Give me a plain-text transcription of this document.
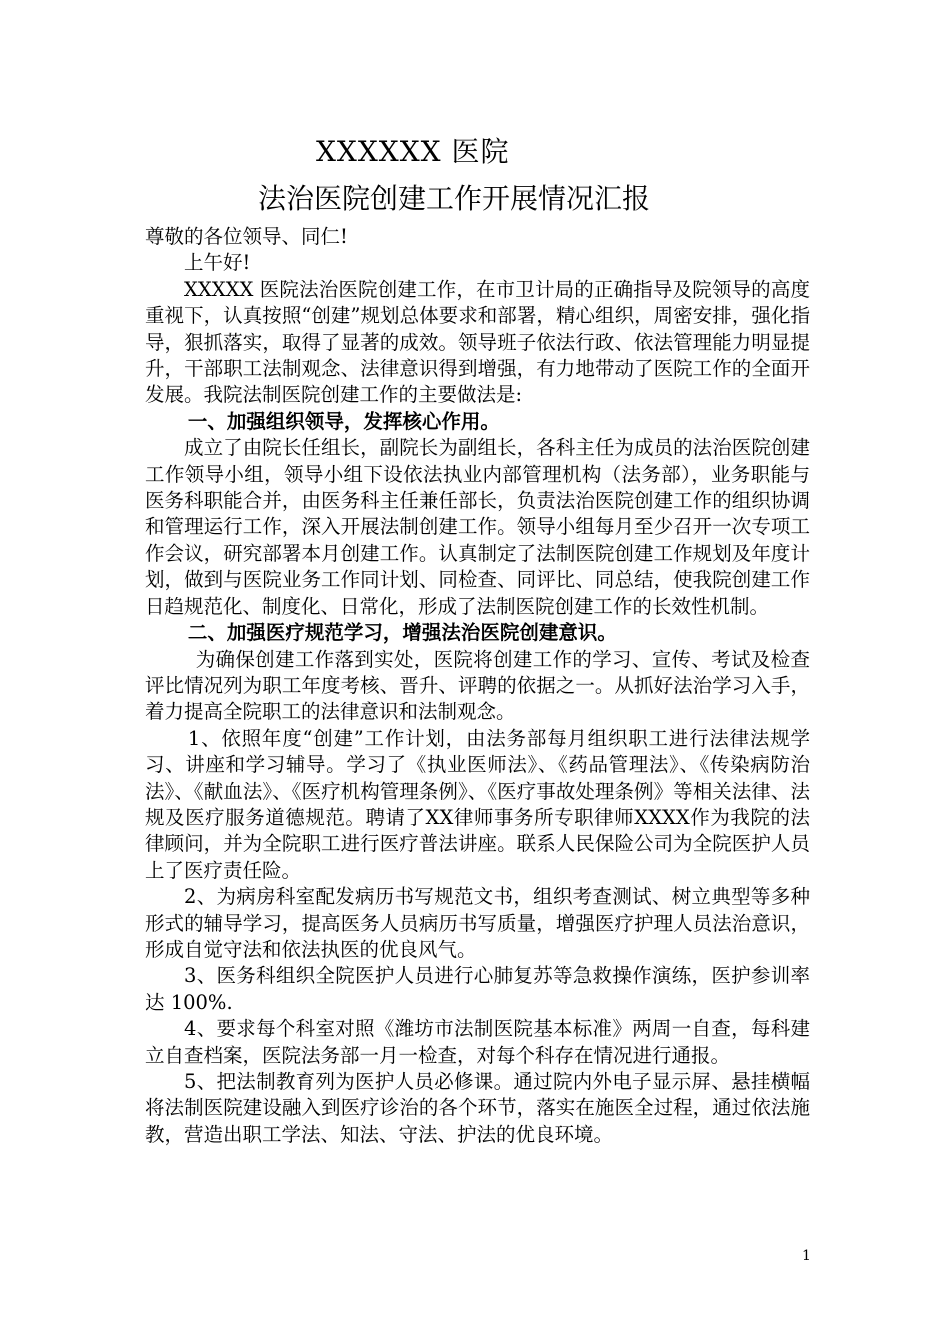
XXXXXX 医院
法治医院创建工作开展情况汇报

尊敬的各位领导、同仁!

上午好!

XXXXX 医院法治医院创建工作，在市卫计局的正确指导及院领导的高度重视下，认真按照“创建”规划总体要求和部署，精心组织，周密安排，强化指导，狠抓落实，取得了显著的成效。领导班子依法行政、依法管理能力明显提升，干部职工法制观念、法律意识得到增强，有力地带动了医院工作的全面开发展。我院法制医院创建工作的主要做法是:

一、加强组织领导，发挥核心作用。

成立了由院长任组长，副院长为副组长，各科主任为成员的法治医院创建工作领导小组，领导小组下设依法执业内部管理机构（法务部），业务职能与医务科职能合并，由医务科主任兼任部长，负责法治医院创建工作的组织协调和管理运行工作，深入开展法制创建工作。领导小组每月至少召开一次专项工作会议，研究部署本月创建工作。认真制定了法制医院创建工作规划及年度计划，做到与医院业务工作同计划、同检查、同评比、同总结，使我院创建工作日趋规范化、制度化、日常化，形成了法制医院创建工作的长效性机制。

二、加强医疗规范学习，增强法治医院创建意识。

为确保创建工作落到实处，医院将创建工作的学习、宣传、考试及检查评比情况列为职工年度考核、晋升、评聘的依据之一。从抓好法治学习入手，着力提高全院职工的法律意识和法制观念。

1、依照年度“创建”工作计划，由法务部每月组织职工进行法律法规学习、讲座和学习辅导。学习了《执业医师法》、《药品管理法》、《传染病防治法》、《献血法》、《医疗机构管理条例》、《医疗事故处理条例》等相关法律、法规及医疗服务道德规范。聘请了XX律师事务所专职律师XXXX作为我院的法律顾问，并为全院职工进行医疗普法讲座。联系人民保险公司为全院医护人员上了医疗责任险。

2、为病房科室配发病历书写规范文书，组织考查测试、树立典型等多种形式的辅导学习，提高医务人员病历书写质量，增强医疗护理人员法治意识，形成自觉守法和依法执医的优良风气。

3、医务科组织全院医护人员进行心肺复苏等急救操作演练，医护参训率达 100%.

4、要求每个科室对照《潍坊市法制医院基本标准》两周一自查，每科建立自查档案，医院法务部一月一检查，对每个科存在情况进行通报。

5、把法制教育列为医护人员必修课。通过院内外电子显示屏、悬挂横幅将法制医院建设融入到医疗诊治的各个环节，落实在施医全过程，通过依法施教，营造出职工学法、知法、守法、护法的优良环境。

1
